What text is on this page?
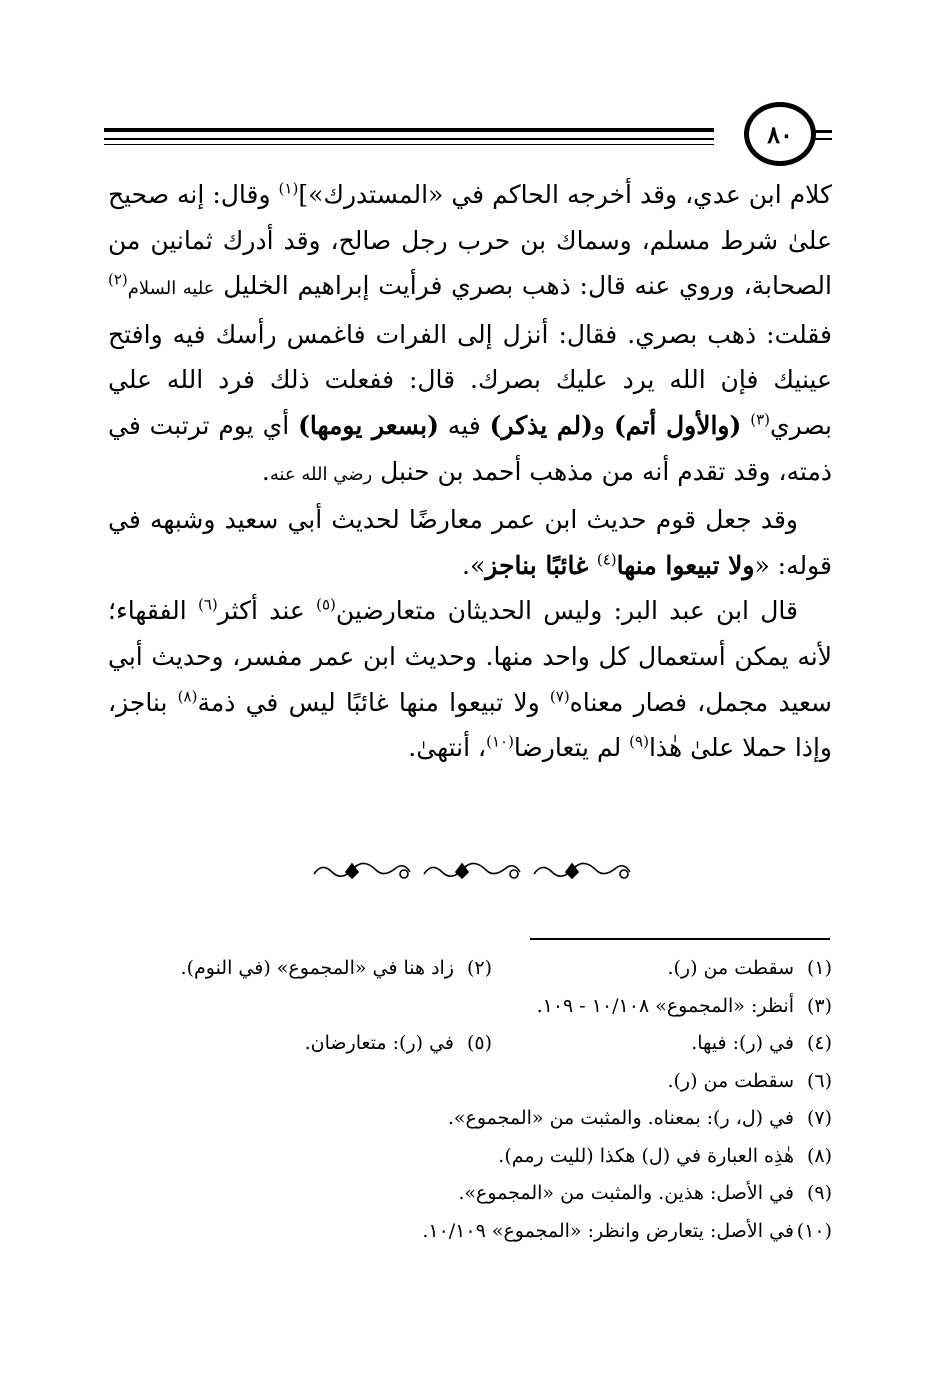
٨٠

كلام ابن عدي، وقد أخرجه الحاكم في «المستدرك»]$^{(١)}$ وقال: إنه صحيح علىٰ شرط مسلم، وسماك بن حرب رجل صالح، وقد أدرك ثمانين من الصحابة، وروي عنه قال: ذهب بصري فرأيت إبراهيم الخليل عليه السلام$^{(٢)}$ فقلت: ذهب بصري. فقال: أنزل إلى الفرات فاغمس رأسك فيه وافتح عينيك فإن الله يرد عليك بصرك. قال: ففعلت ذلك فرد الله علي بصري$^{(٣)}$ (والأول أتم) و(لم يذكر) فيه (بسعر يومها) أي يوم ترتبت في ذمته، وقد تقدم أنه من مذهب أحمد بن حنبل رضي الله عنه.

وقد جعل قوم حديث ابن عمر معارضًا لحديث أبي سعيد وشبهه في قوله: «ولا تبيعوا منها$^{(٤)}$ غائبًا بناجز».

قال ابن عبد البر: وليس الحديثان متعارضين$^{(٥)}$ عند أكثر$^{(٦)}$ الفقهاء؛ لأنه يمكن أستعمال كل واحد منها. وحديث ابن عمر مفسر، وحديث أبي سعيد مجمل، فصار معناه$^{(٧)}$ ولا تبيعوا منها غائبًا ليس في ذمة$^{(٨)}$ بناجز، وإذا حملا علىٰ هٰذا$^{(٩)}$ لم يتعارضا$^{(١٠)}$، أنتهىٰ.

(١)سقطت من (ر).
(٢)زاد هنا في «المجموع» (في النوم).
(٣)أنظر: «المجموع» ١٠/١٠٨ - ١٠٩.
(٤)في (ر): فيها.
(٥)في (ر): متعارضان.
(٦)سقطت من (ر).
(٧)في (ل، ر): بمعناه. والمثبت من «المجموع».
(٨)هٰذِه العبارة في (ل) هكذا (لليت رمم).
(٩)في الأصل: هذين. والمثبت من «المجموع».
(١٠)في الأصل: يتعارض وانظر: «المجموع» ١٠/١٠٩.
